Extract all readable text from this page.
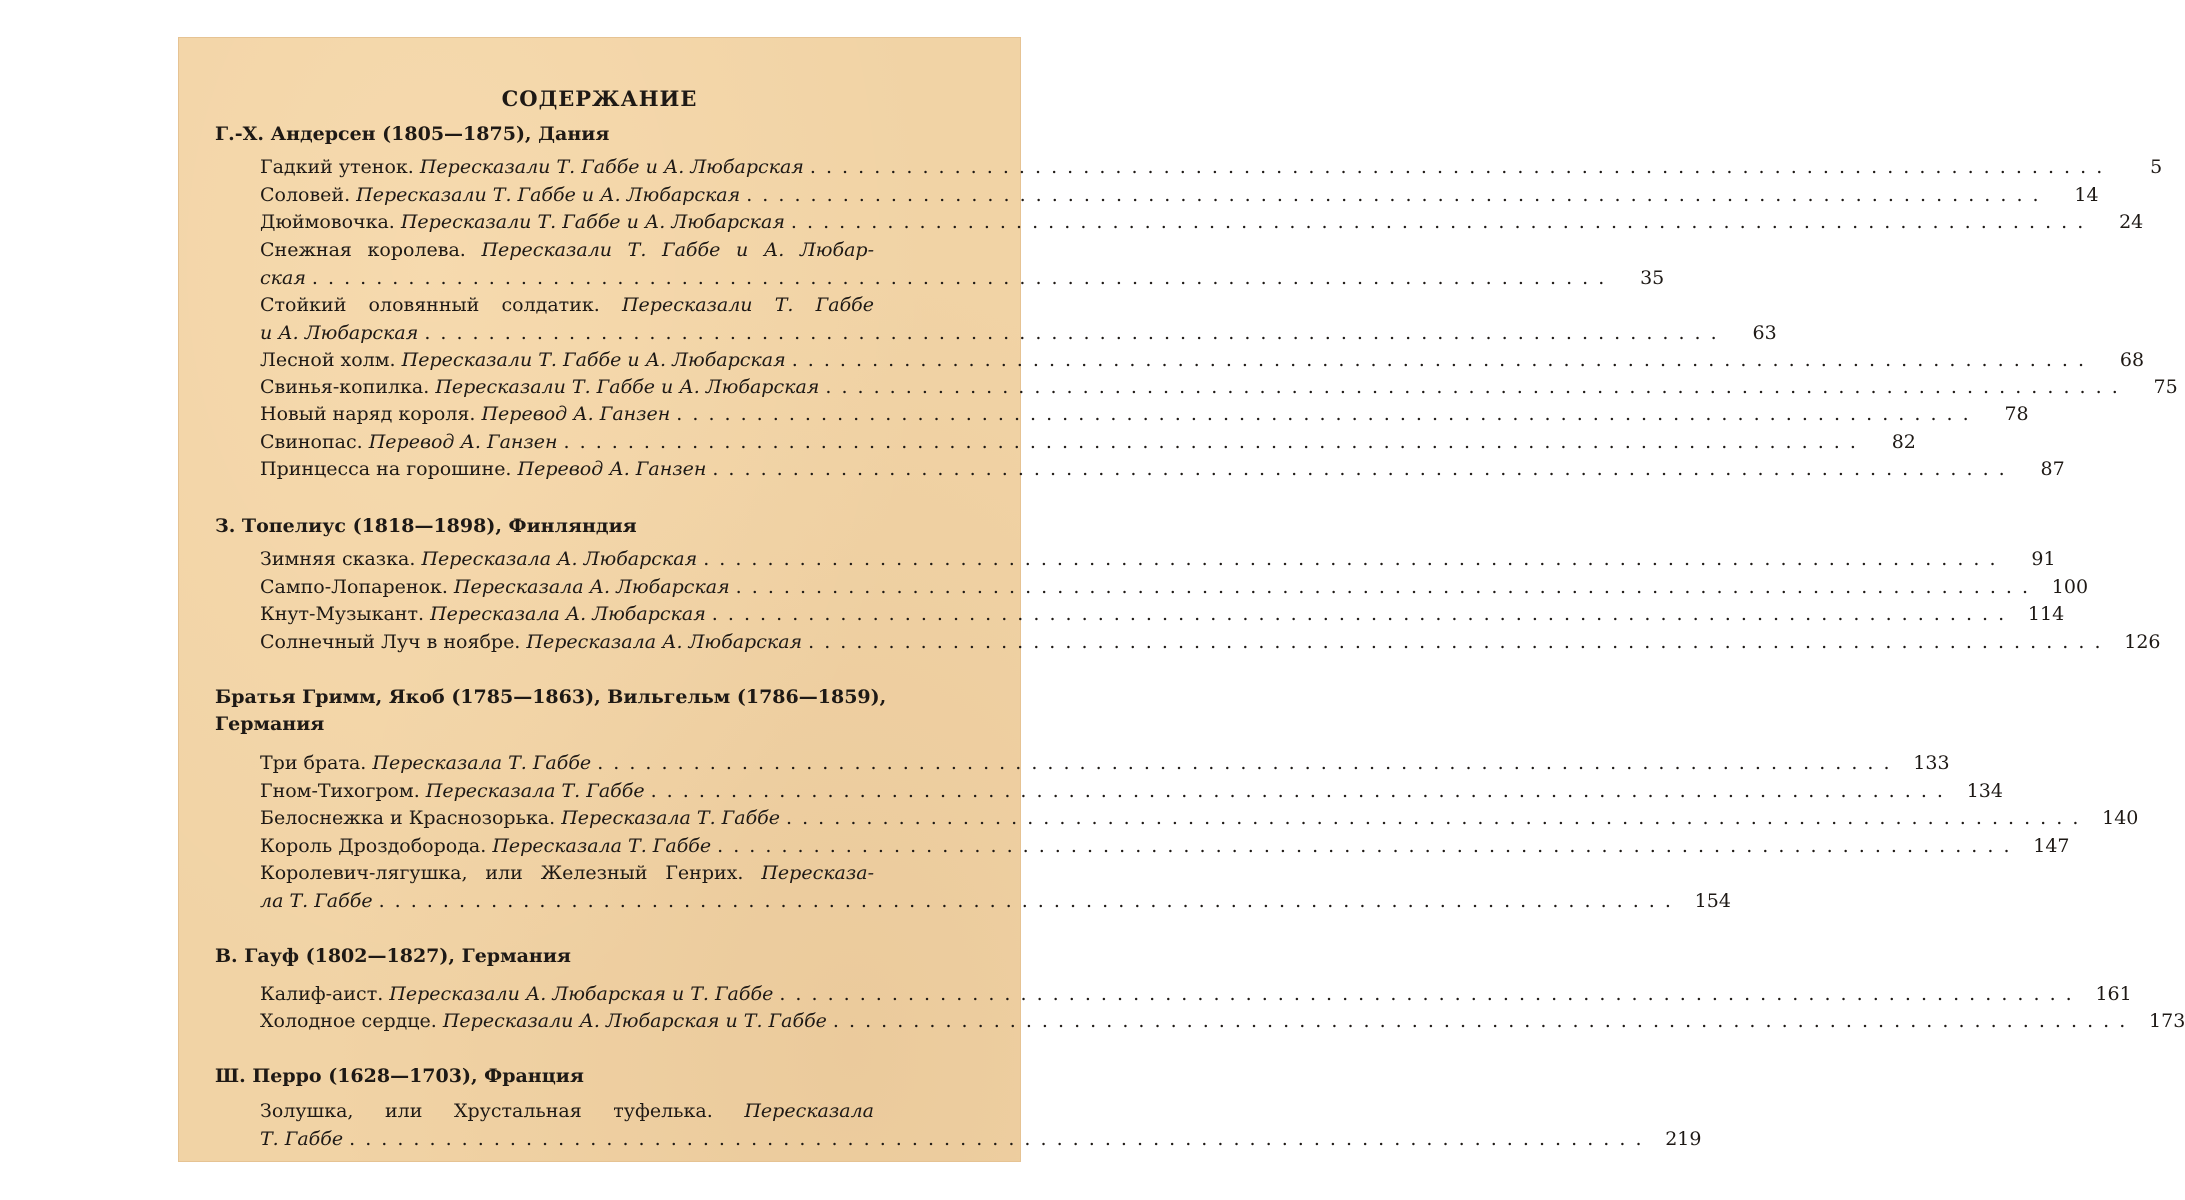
СОДЕРЖАНИЕ
Г.-Х. Андерсен (1805—1875), Дания
Гадкий утенок. Пересказали Т. Габбе и А. Любарская . . .	5
Соловей. Пересказали Т. Габбе и А. Любарская . . .	14
Дюймовочка. Пересказали Т. Габбе и А. Любарская . . .	24
Снежная королева. Пересказали Т. Габбе и А. Любар-
ская . . .	35
Стойкий оловянный солдатик. Пересказали Т. Габбе
и А. Любарская . . .	63
Лесной холм. Пересказали Т. Габбе и А. Любарская . . .	68
Свинья-копилка. Пересказали Т. Габбе и А. Любарская . . .	75
Новый наряд короля. Перевод А. Ганзен . . .	78
Свинопас. Перевод А. Ганзен . . .	82
Принцесса на горошине. Перевод А. Ганзен . . .	87
З. Топелиус (1818—1898), Финляндия
Зимняя сказка. Пересказала А. Любарская . . .	91
Сампо-Лопаренок. Пересказала А. Любарская . . .	100
Кнут-Музыкант. Пересказала А. Любарская . . .	114
Солнечный Луч в ноябре. Пересказала А. Любарская . . .	126
Братья Гримм, Якоб (1785—1863), Вильгельм (1786—1859),
Германия
Три брата. Пересказала Т. Габбе . . .	133
Гном-Тихогром. Пересказала Т. Габбе . . .	134
Белоснежка и Краснозорька. Пересказала Т. Габбе . . .	140
Король Дроздоборода. Пересказала Т. Габбе . . .	147
Королевич-лягушка, или Железный Генрих. Пересказа-
ла Т. Габбе . . .	154
В. Гауф (1802—1827), Германия
Калиф-аист. Пересказали А. Любарская и Т. Габбе . . .	161
Холодное сердце. Пересказали А. Любарская и Т. Габбе . . .	173
Ш. Перро (1628—1703), Франция
Золушка, или Хрустальная туфелька. Пересказала
Т. Габбе . . .	219
